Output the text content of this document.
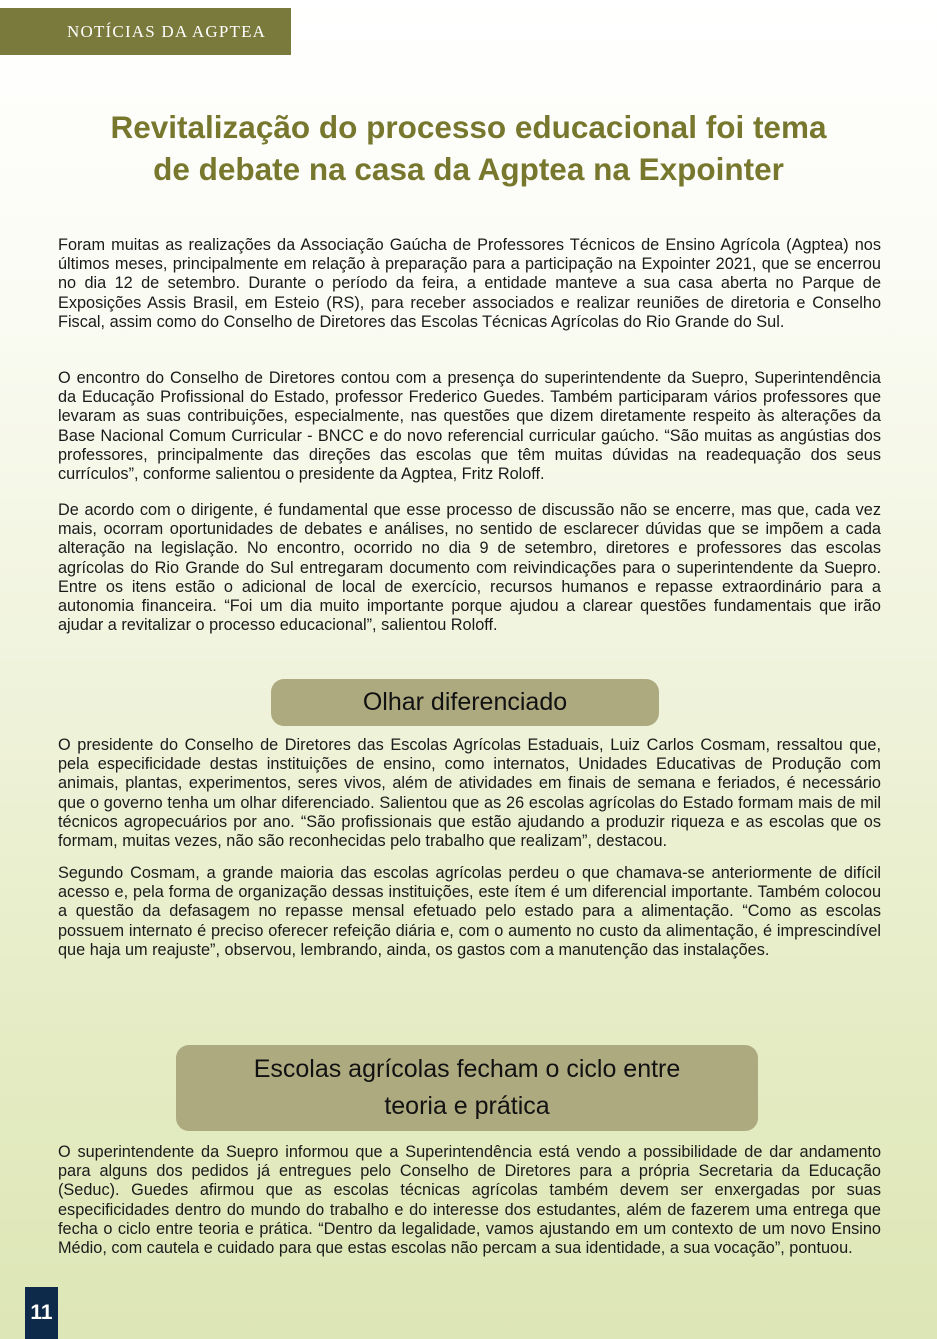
NOTÍCIAS DA AGPTEA
Revitalização do processo educacional foi tema
de debate na casa da Agptea na Expointer

Foram muitas as realizações da Associação Gaúcha de Professores Técnicos de Ensino Agrícola (Agptea) nos últimos meses, principalmente em relação à preparação para a participação na Expointer 2021, que se encerrou no dia 12 de setembro. Durante o período da feira, a entidade manteve a sua casa aberta no Parque de Exposições Assis Brasil, em Esteio (RS), para receber associados e realizar reuniões de diretoria e Conselho Fiscal, assim como do Conselho de Diretores das Escolas Técnicas Agrícolas do Rio Grande do Sul.

O encontro do Conselho de Diretores contou com a presença do superintendente da Suepro, Superintendência da Educação Profissional do Estado, professor Frederico Guedes. Também participaram vários professores que levaram as suas contribuições, especialmente, nas questões que dizem diretamente respeito às alterações da Base Nacional Comum Curricular - BNCC e do novo referencial curricular gaúcho. “São muitas as angústias dos professores, principalmente das direções das escolas que têm muitas dúvidas na readequação dos seus currículos”, conforme salientou o presidente da Agptea, Fritz Roloff.

De acordo com o dirigente, é fundamental que esse processo de discussão não se encerre, mas que, cada vez mais, ocorram oportunidades de debates e análises, no sentido de esclarecer dúvidas que se impõem a cada alteração na legislação. No encontro, ocorrido no dia 9 de setembro, diretores e professores das escolas agrícolas do Rio Grande do Sul entregaram documento com reivindicações para o superintendente da Suepro. Entre os itens estão o adicional de local de exercício, recursos humanos e repasse extraordinário para a autonomia financeira. “Foi um dia muito importante porque ajudou a clarear questões fundamentais que irão ajudar a revitalizar o processo educacional”, salientou Roloff.

Olhar diferenciado

O presidente do Conselho de Diretores das Escolas Agrícolas Estaduais, Luiz Carlos Cosmam, ressaltou que, pela especificidade destas instituições de ensino, como internatos, Unidades Educativas de Produção com animais, plantas, experimentos, seres vivos, além de atividades em finais de semana e feriados, é necessário que o governo tenha um olhar diferenciado. Salientou que as 26 escolas agrícolas do Estado formam mais de mil técnicos agropecuários por ano. “São profissionais que estão ajudando a produzir riqueza e as escolas que os formam, muitas vezes, não são reconhecidas pelo trabalho que realizam”, destacou.

Segundo Cosmam, a grande maioria das escolas agrícolas perdeu o que chamava-se anteriormente de difícil acesso e, pela forma de organização dessas instituições, este ítem é um diferencial importante. Também colocou a questão da defasagem no repasse mensal efetuado pelo estado para a alimentação. “Como as escolas possuem internato é preciso oferecer refeição diária e, com o aumento no custo da alimentação, é imprescindível que haja um reajuste”, observou, lembrando, ainda, os gastos com a manutenção das instalações.

Escolas agrícolas fecham o ciclo entre
teoria e prática

O superintendente da Suepro informou que a Superintendência está vendo a possibilidade de dar andamento para alguns dos pedidos já entregues pelo Conselho de Diretores para a própria Secretaria da Educação (Seduc). Guedes afirmou que as escolas técnicas agrícolas também devem ser enxergadas por suas especificidades dentro do mundo do trabalho e do interesse dos estudantes, além de fazerem uma entrega que fecha o ciclo entre teoria e prática. “Dentro da legalidade, vamos ajustando em um contexto de um novo Ensino Médio, com cautela e cuidado para que estas escolas não percam a sua identidade, a sua vocação”, pontuou.

11
